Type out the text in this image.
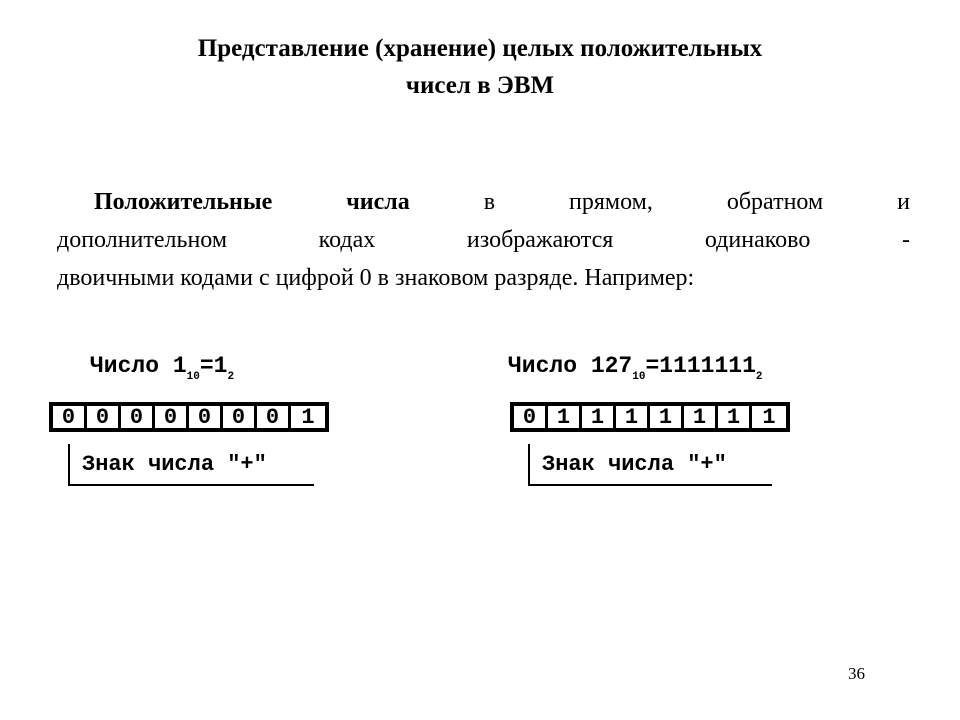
Представление (хранение) целых положительных
чисел в ЭВМ
Положительные	числа	в	прямом,	обратном	и
дополнительном	кодах	изображаются	одинаково	-
двоичными кодами с цифрой 0 в знаковом разряде. Например:
Число $1_{10}=1_2$
0 0 0 0 0 0 0	1
Знак числа "+"
Число $127_{10}=1111111_2$
0 1 1 1 1 1 1	1
Знак числа "+"
36
